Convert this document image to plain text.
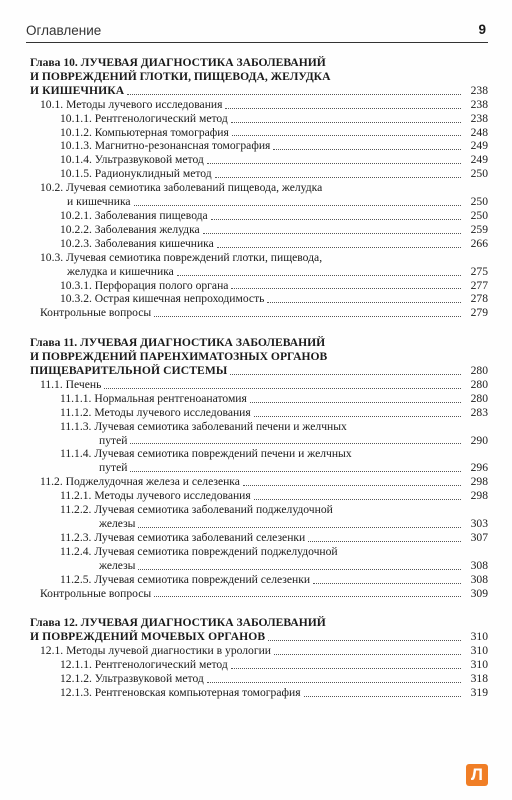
Оглавление	9
Глава 10. ЛУЧЕВАЯ ДИАГНОСТИКА ЗАБОЛЕВАНИЙ
И ПОВРЕЖДЕНИЙ ГЛОТКИ, ПИЩЕВОДА, ЖЕЛУДКА
И КИШЕЧНИКА	238
10.1. Методы лучевого исследования	238
10.1.1. Рентгенологический метод	238
10.1.2. Компьютерная томография	248
10.1.3. Магнитно-резонансная томография	249
10.1.4. Ультразвуковой метод	249
10.1.5. Радионуклидный метод	250
10.2. Лучевая семиотика заболеваний пищевода, желудка
и кишечника	250
10.2.1. Заболевания пищевода	250
10.2.2. Заболевания желудка	259
10.2.3. Заболевания кишечника	266
10.3. Лучевая семиотика повреждений глотки, пищевода,
желудка и кишечника	275
10.3.1. Перфорация полого органа	277
10.3.2. Острая кишечная непроходимость	278
Контрольные вопросы	279
Глава 11. ЛУЧЕВАЯ ДИАГНОСТИКА ЗАБОЛЕВАНИЙ
И ПОВРЕЖДЕНИЙ ПАРЕНХИМАТОЗНЫХ ОРГАНОВ
ПИЩЕВАРИТЕЛЬНОЙ СИСТЕМЫ	280
11.1. Печень	280
11.1.1. Нормальная рентгеноанатомия	280
11.1.2. Методы лучевого исследования	283
11.1.3. Лучевая семиотика заболеваний печени и желчных
путей	290
11.1.4. Лучевая семиотика повреждений печени и желчных
путей	296
11.2. Поджелудочная железа и селезенка	298
11.2.1. Методы лучевого исследования	298
11.2.2. Лучевая семиотика заболеваний поджелудочной
железы	303
11.2.3. Лучевая семиотика заболеваний селезенки	307
11.2.4. Лучевая семиотика повреждений поджелудочной
железы	308
11.2.5. Лучевая семиотика повреждений селезенки	308
Контрольные вопросы	309
Глава 12. ЛУЧЕВАЯ ДИАГНОСТИКА ЗАБОЛЕВАНИЙ
И ПОВРЕЖДЕНИЙ МОЧЕВЫХ ОРГАНОВ	310
12.1. Методы лучевой диагностики в урологии	310
12.1.1. Рентгенологический метод	310
12.1.2. Ультразвуковой метод	318
12.1.3. Рентгеновская компьютерная томография	319
Л
